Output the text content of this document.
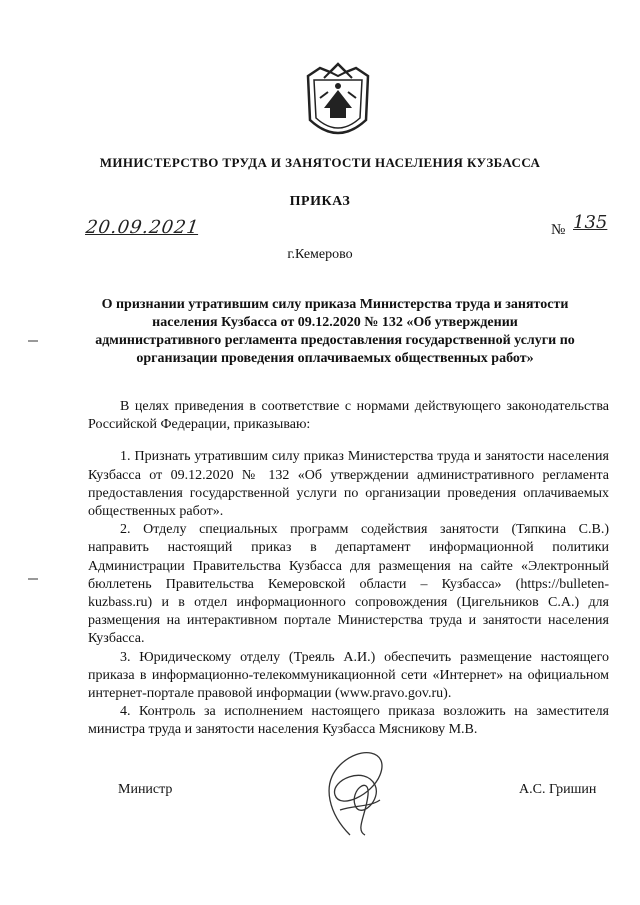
МИНИСТЕРСТВО ТРУДА И ЗАНЯТОСТИ НАСЕЛЕНИЯ КУЗБАССА
ПРИКАЗ
20.09.2021	№ 135
г.Кемерово
О признании утратившим силу приказа Министерства труда и занятости населения Кузбасса от 09.12.2020 № 132 «Об утверждении административного регламента предоставления государственной услуги по организации проведения оплачиваемых общественных работ»

В целях приведения в соответствие с нормами действующего законодательства Российской Федерации, приказываю:

1. Признать утратившим силу приказ Министерства труда и занятости населения Кузбасса от 09.12.2020 № 132 «Об утверждении административного регламента предоставления государственной услуги по организации проведения оплачиваемых общественных работ».

2. Отделу специальных программ содействия занятости (Тяпкина С.В.) направить настоящий приказ в департамент информационной политики Администрации Правительства Кузбасса для размещения на сайте «Электронный бюллетень Правительства Кемеровской области – Кузбасса» (https://bulleten-kuzbass.ru) и в отдел информационного сопровождения (Цигельников С.А.) для размещения на интерактивном портале Министерства труда и занятости населения Кузбасса.

3. Юридическому отделу (Треяль А.И.) обеспечить размещение настоящего приказа в информационно-телекоммуникационной сети «Интернет» на официальном интернет-портале правовой информации (www.pravo.gov.ru).

4. Контроль за исполнением настоящего приказа возложить на заместителя министра труда и занятости населения Кузбасса Мясникову М.В.

Министр	А.С. Гришин
